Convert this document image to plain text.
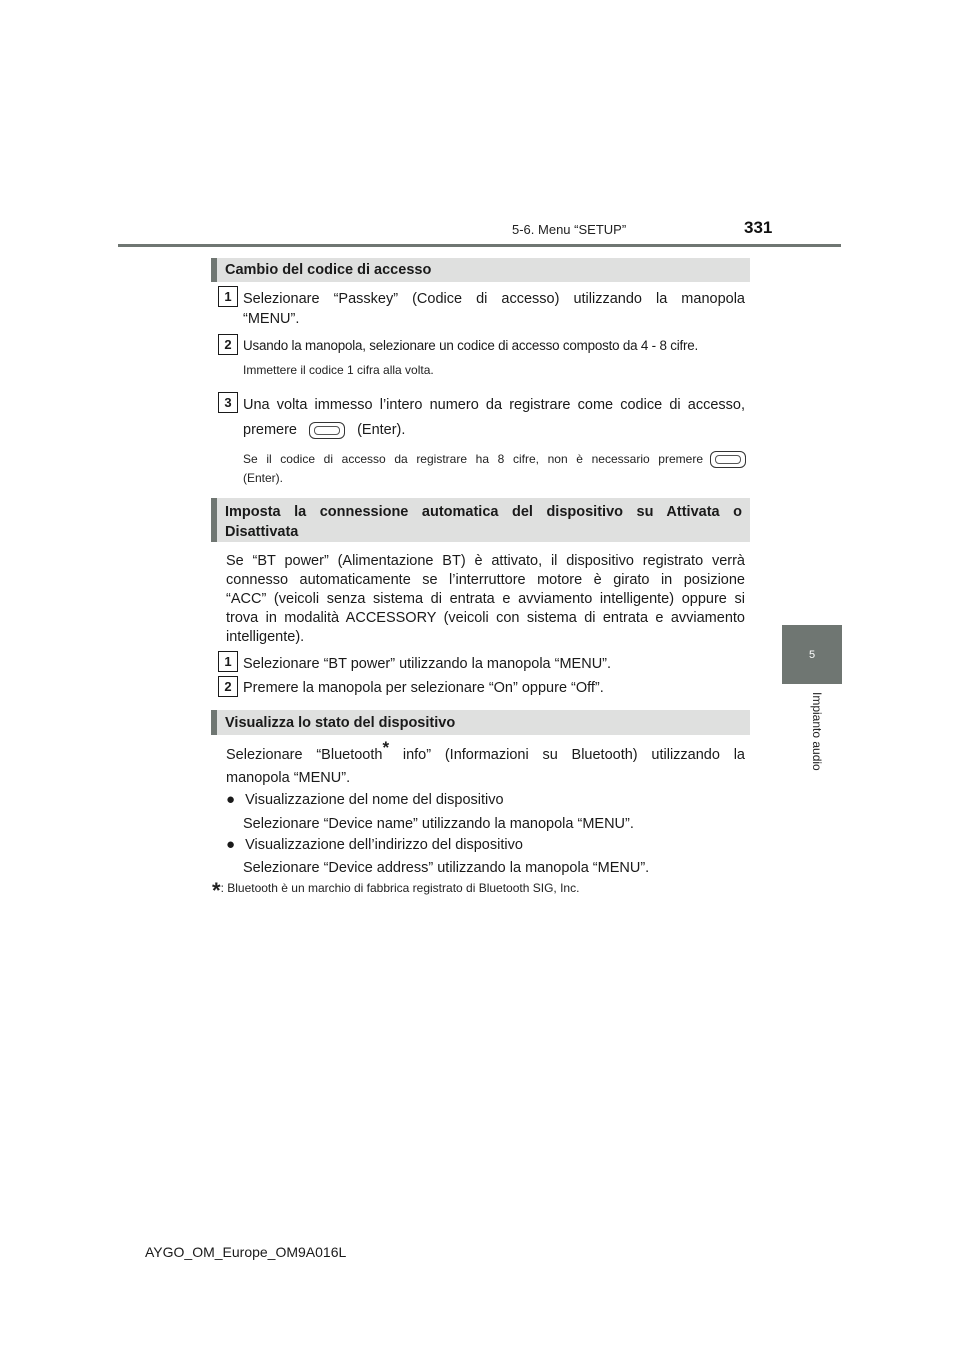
5-6. Menu “SETUP”	331
5
Impianto audio
Cambio del codice di accesso
1 Selezionare “Passkey” (Codice di accesso) utilizzando la manopola
“MENU”.
2 Usando la manopola, selezionare un codice di accesso composto da 4 - 8 cifre.
Immettere il codice 1 cifra alla volta.
3 Una volta immesso l’intero numero da registrare come codice di accesso,
premere	(Enter).
Se il codice di accesso da registrare ha 8 cifre, non è necessario premere
(Enter).
Imposta la connessione automatica del dispositivo su Attivata o
Disattivata
Se “BT power” (Alimentazione BT) è attivato, il dispositivo registrato verrà
connesso automaticamente se l’interruttore motore è girato in posizione
“ACC” (veicoli senza sistema di entrata e avviamento intelligente) oppure si
trova in modalità ACCESSORY (veicoli con sistema di entrata e avviamento
intelligente).
1 Selezionare “BT power” utilizzando la manopola “MENU”.
2 Premere la manopola per selezionare “On” oppure “Off”.
Visualizza lo stato del dispositivo
Selezionare “Bluetooth* info” (Informazioni su Bluetooth) utilizzando la
manopola “MENU”.
● Visualizzazione del nome del dispositivo
Selezionare “Device name” utilizzando la manopola “MENU”.
● Visualizzazione dell’indirizzo del dispositivo
Selezionare “Device address” utilizzando la manopola “MENU”.
*: Bluetooth è un marchio di fabbrica registrato di Bluetooth SIG, Inc.
AYGO_OM_Europe_OM9A016L
